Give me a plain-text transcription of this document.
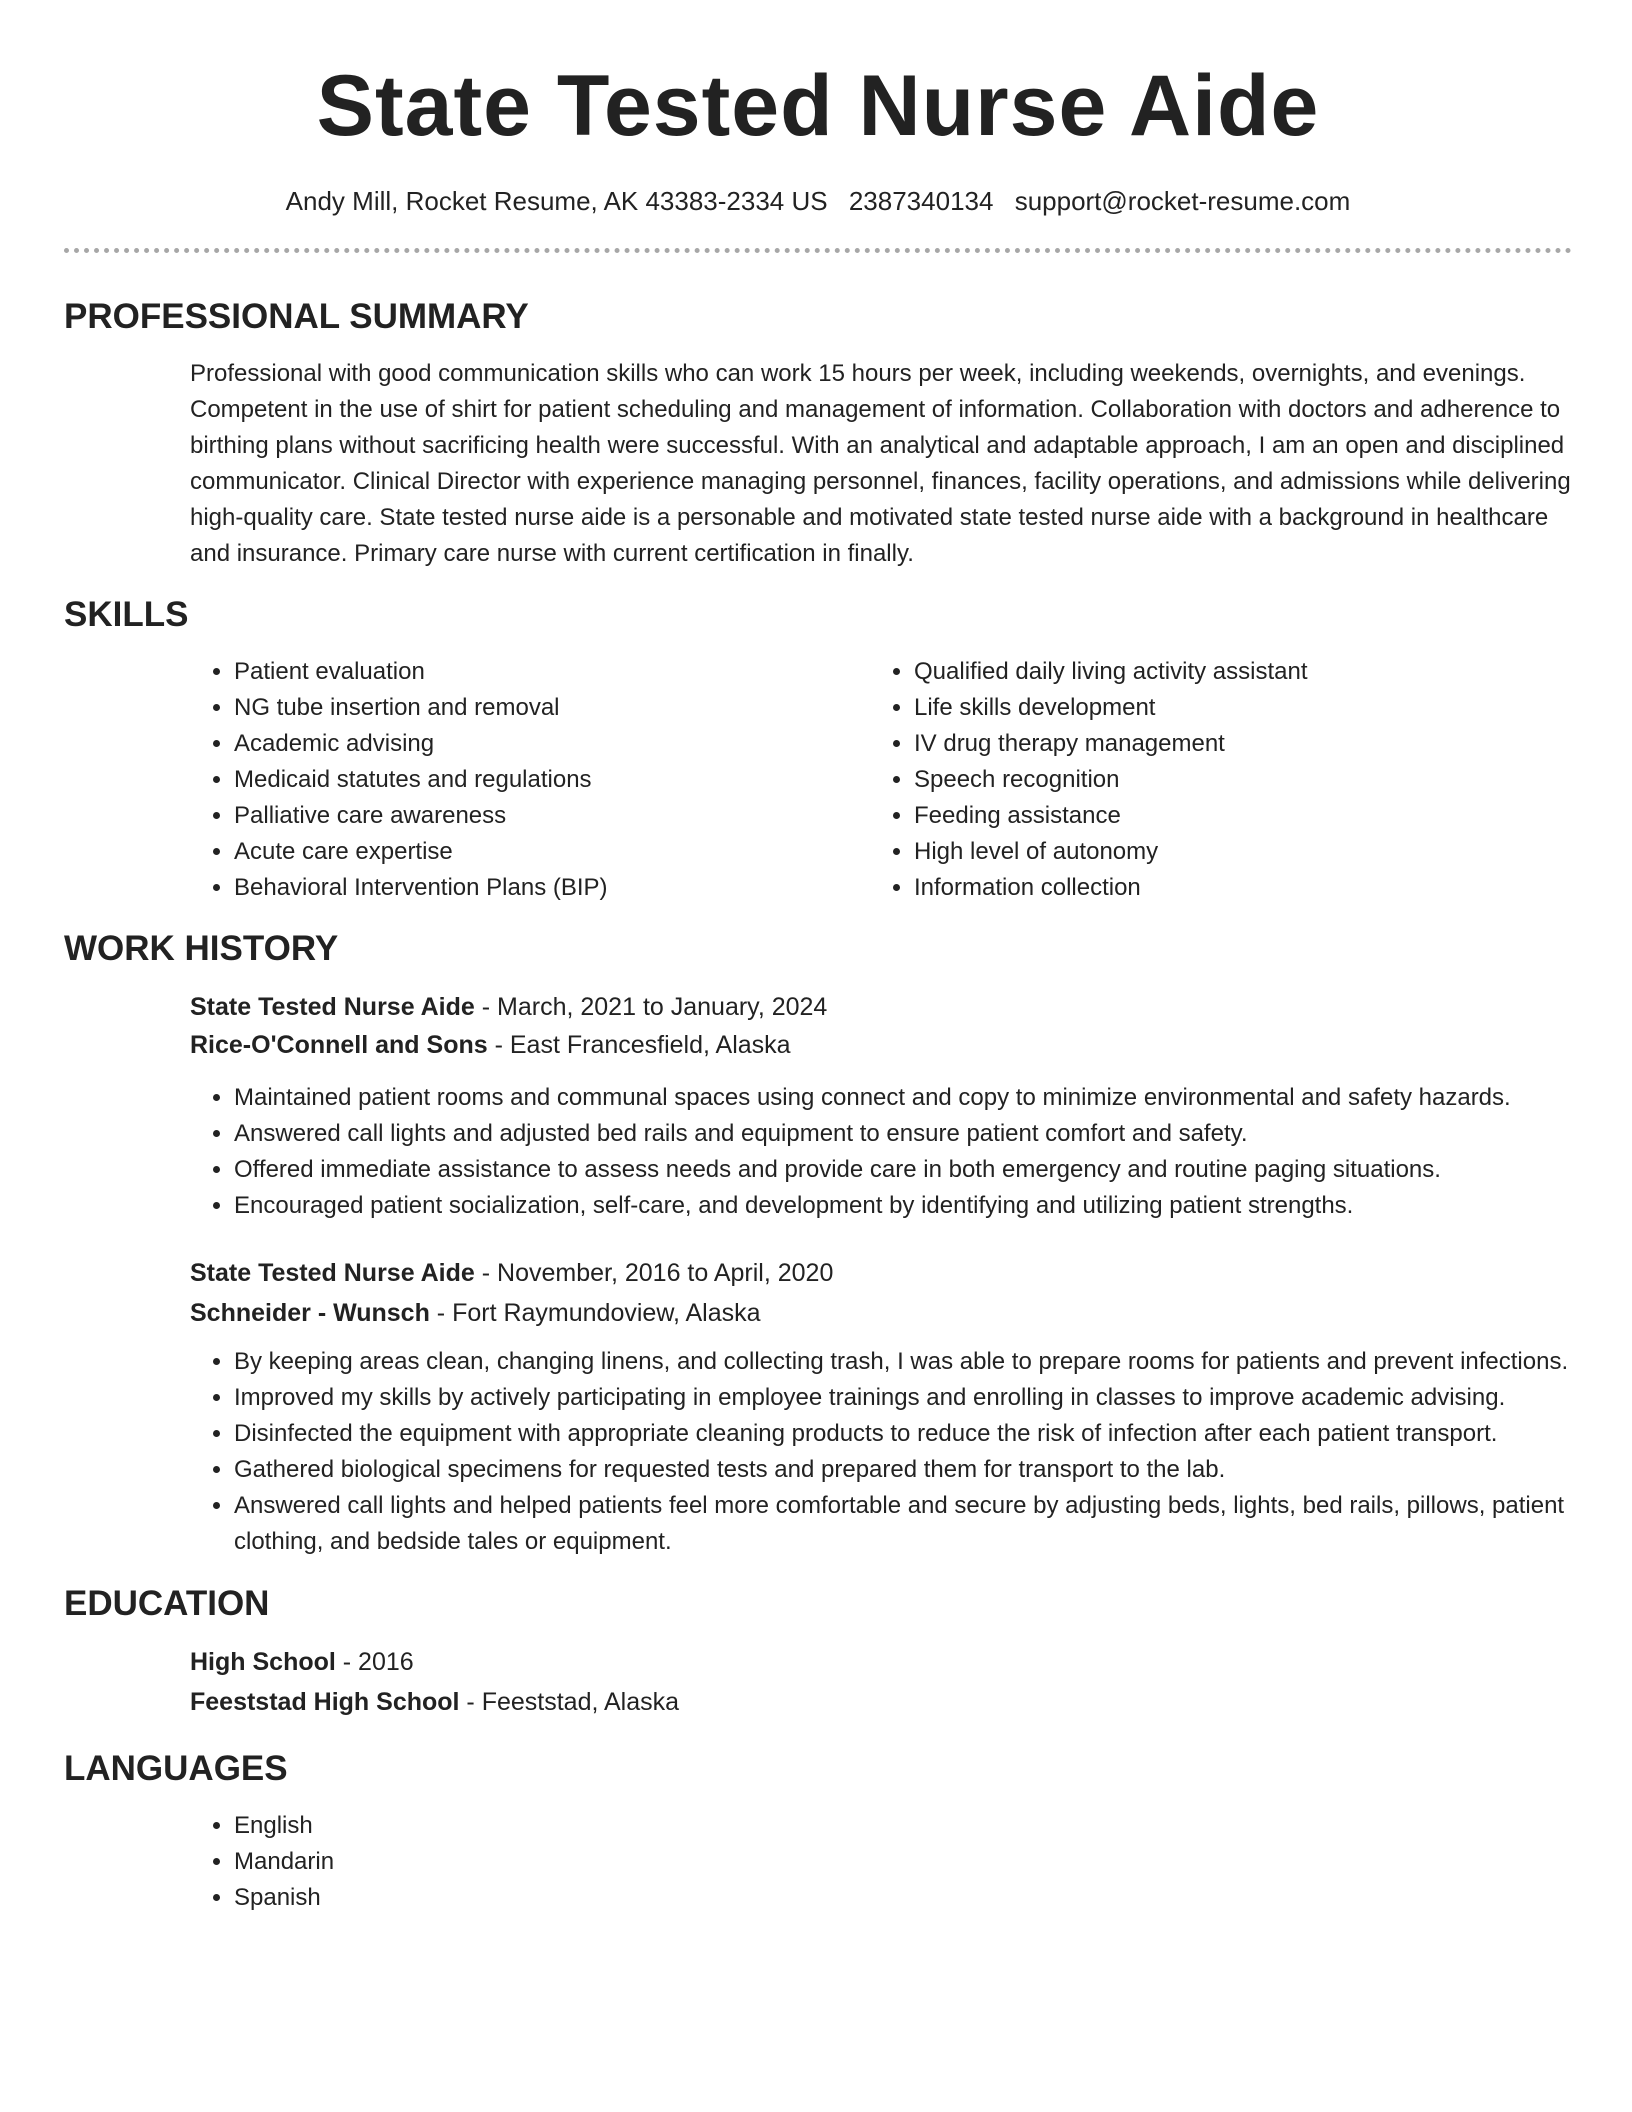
State Tested Nurse Aide
Andy Mill, Rocket Resume, AK 43383-2334 US 2387340134 support@rocket-resume.com
PROFESSIONAL SUMMARY
Professional with good communication skills who can work 15 hours per week, including weekends, overnights, and evenings. Competent in the use of shirt for patient scheduling and management of information. Collaboration with doctors and adherence to birthing plans without sacrificing health were successful. With an analytical and adaptable approach, I am an open and disciplined communicator. Clinical Director with experience managing personnel, finances, facility operations, and admissions while delivering high-quality care. State tested nurse aide is a personable and motivated state tested nurse aide with a background in healthcare and insurance. Primary care nurse with current certification in finally.
SKILLS
• Patient evaluation
• NG tube insertion and removal
• Academic advising
• Medicaid statutes and regulations
• Palliative care awareness
• Acute care expertise
• Behavioral Intervention Plans (BIP)
• Qualified daily living activity assistant
• Life skills development
• IV drug therapy management
• Speech recognition
• Feeding assistance
• High level of autonomy
• Information collection
WORK HISTORY
State Tested Nurse Aide - March, 2021 to January, 2024
Rice-O'Connell and Sons - East Francesfield, Alaska
• Maintained patient rooms and communal spaces using connect and copy to minimize environmental and safety hazards.
• Answered call lights and adjusted bed rails and equipment to ensure patient comfort and safety.
• Offered immediate assistance to assess needs and provide care in both emergency and routine paging situations.
• Encouraged patient socialization, self-care, and development by identifying and utilizing patient strengths.
State Tested Nurse Aide - November, 2016 to April, 2020
Schneider - Wunsch - Fort Raymundoview, Alaska
• By keeping areas clean, changing linens, and collecting trash, I was able to prepare rooms for patients and prevent infections.
• Improved my skills by actively participating in employee trainings and enrolling in classes to improve academic advising.
• Disinfected the equipment with appropriate cleaning products to reduce the risk of infection after each patient transport.
• Gathered biological specimens for requested tests and prepared them for transport to the lab.
• Answered call lights and helped patients feel more comfortable and secure by adjusting beds, lights, bed rails, pillows, patient clothing, and bedside tales or equipment.
EDUCATION
High School - 2016
Feeststad High School - Feeststad, Alaska
LANGUAGES
• English
• Mandarin
• Spanish
